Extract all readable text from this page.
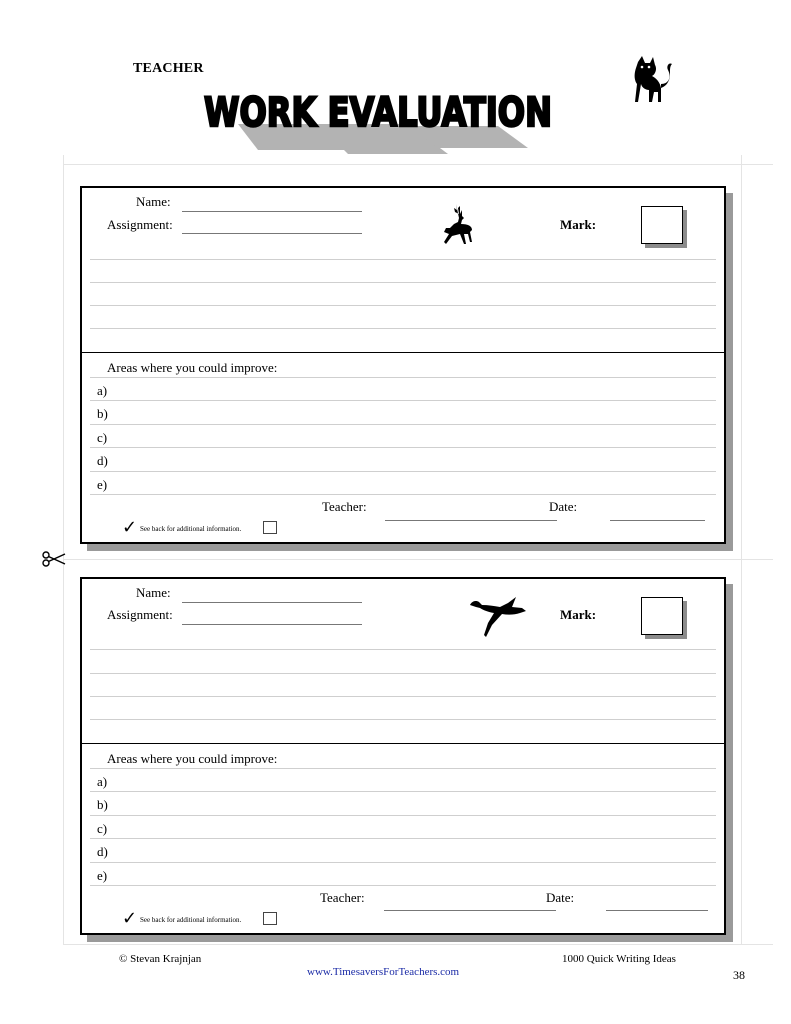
TEACHER
WORK EVALUATION
Name:
Assignment:	Mark:
Areas where you could improve:
a)
b)
c)
d)
e)
Teacher:	Date:
✓ See back for additional information.
Name:
Assignment:	Mark:
Areas where you could improve:
a)
b)
c)
d)
e)
Teacher:	Date:
✓ See back for additional information.
© Stevan Krajnjan	1000 Quick Writing Ideas
www.TimesaversForTeachers.com	38
